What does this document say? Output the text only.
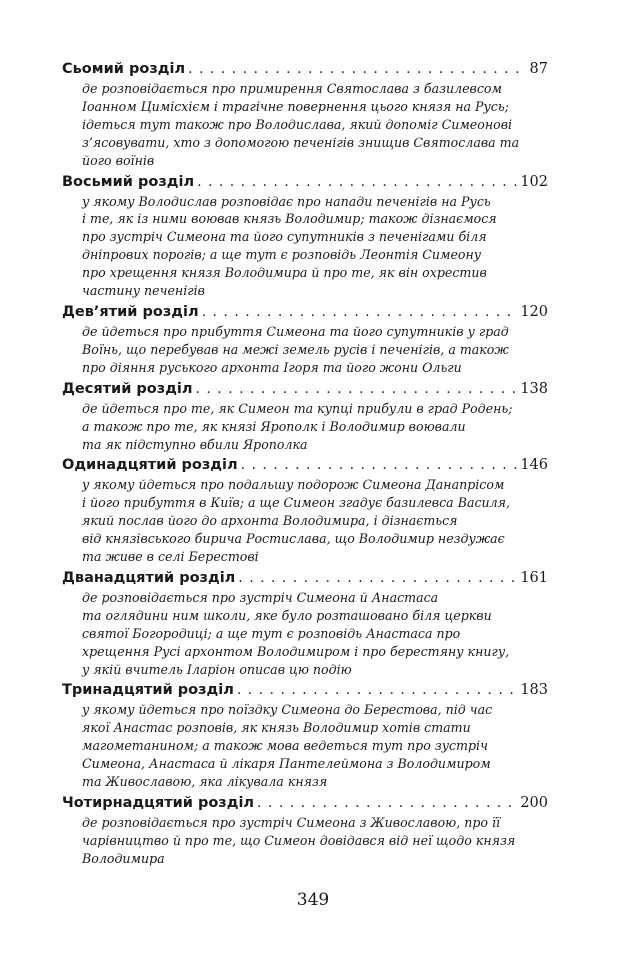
Сьомий розділ . . .	87
де розповідається про примирення Святослава з базилевсом
Іоанном Цимісхієм і трагічне повернення цього князя на Русь;
ідеться тут також про Володислава, який допоміг Симеонові
з’ясовувати, хто з допомогою печенігів знищив Святослава та
його воїнів
Восьмий розділ . . .	102
у якому Володислав розповідає про напади печенігів на Русь
і те, як із ними воював князь Володимир; також дізнаємося
про зустріч Симеона та його супутників з печенігами біля
дніпрових порогів; а ще тут є розповідь Леонтія Симеону
про хрещення князя Володимира й про те, як він охрестив
частину печенігів
Дев’ятий розділ . . .	120
де йдеться про прибуття Симеона та його супутників у град
Воїнь, що перебував на межі земель русів і печенігів, а також
про діяння руського архонта Ігоря та його жони Ольги
Десятий розділ . . .	138
де йдеться про те, як Симеон та купці прибули в град Родень;
а також про те, як князі Ярополк і Володимир воювали
та як підступно вбили Ярополка
Одинадцятий розділ . . .	146
у якому йдеться про подальшу подорож Симеона Данапрісом
і його прибуття в Київ; а ще Симеон згадує базилевса Василя,
який послав його до архонта Володимира, і дізнається
від князівського бирича Ростислава, що Володимир нездужає
та живе в селі Берестові
Дванадцятий розділ . . .	161
де розповідається про зустріч Симеона й Анастаса
та оглядини ним школи, яке було розташовано біля церкви
святої Богородиці; а ще тут є розповідь Анастаса про
хрещення Русі архонтом Володимиром і про берестяну книгу,
у якій вчитель Іларіон описав цю подію
Тринадцятий розділ . . .	183
у якому йдеться про поїздку Симеона до Берестова, під час
якої Анастас розповів, як князь Володимир хотів стати
магометанином; а також мова ведеться тут про зустріч
Симеона, Анастаса й лікаря Пантелеймона з Володимиром
та Живославою, яка лікувала князя
Чотирнадцятий розділ . . .	200
де розповідається про зустріч Симеона з Живославою, про її
чарівництво й про те, що Симеон довідався від неї щодо князя
Володимира
349
